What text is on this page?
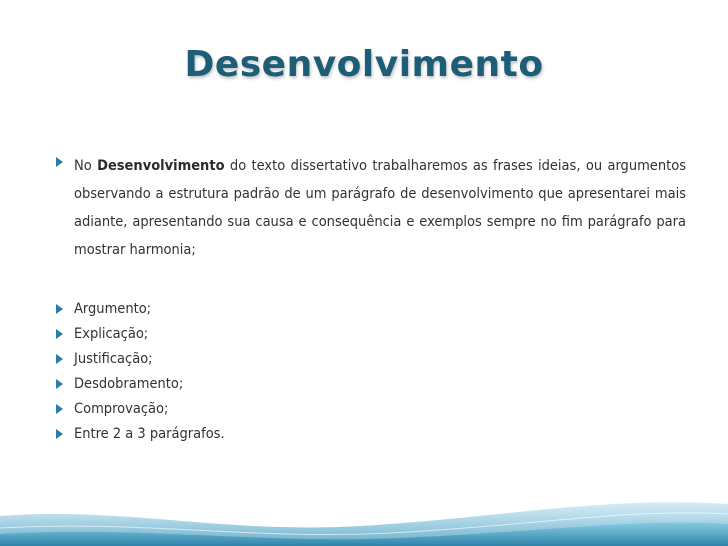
Desenvolvimento
No Desenvolvimento do texto dissertativo trabalharemos as frases ideias, ou argumentos observando a estrutura padrão de um parágrafo de desenvolvimento que apresentarei mais adiante, apresentando sua causa e consequência e exemplos sempre no fim parágrafo para mostrar harmonia;
Argumento;
Explicação;
Justificação;
Desdobramento;
Comprovação;
Entre 2 a 3 parágrafos.
